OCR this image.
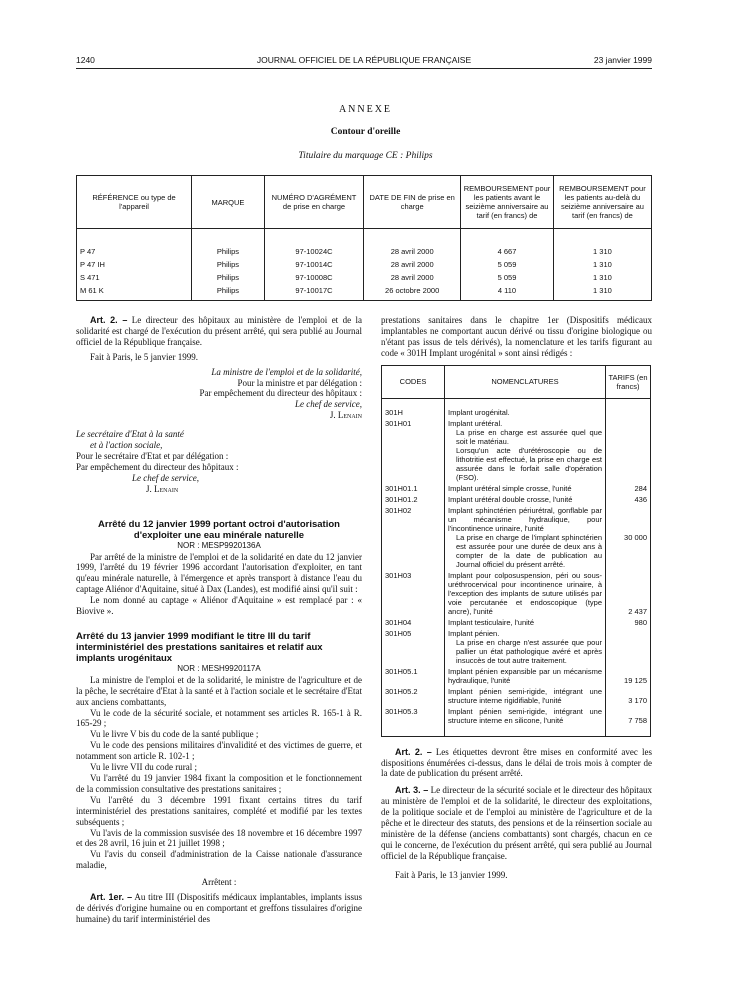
1240	JOURNAL OFFICIEL DE LA RÉPUBLIQUE FRANÇAISE	23 janvier 1999
ANNEXE
Contour d'oreille
Titulaire du marquage CE : Philips
RÉFÉRENCE ou type de l'appareil	MARQUE	NUMÉRO D'AGRÉMENT de prise en charge	DATE DE FIN de prise en charge	REMBOURSEMENT pour les patients avant le seizième anniversaire au tarif (en francs) de	REMBOURSEMENT pour les patients au-delà du seizième anniversaire au tarif (en francs) de

P 47	Philips	97-10024C	28 avril 2000	4 667	1 310
P 47 IH	Philips	97-10014C	28 avril 2000	5 059	1 310
S 471	Philips	97-10008C	28 avril 2000	5 059	1 310
M 61 K	Philips	97-10017C	26 octobre 2000	4 110	1 310

Art. 2. – Le directeur des hôpitaux au ministère de l'emploi et de la solidarité est chargé de l'exécution du présent arrêté, qui sera publié au Journal officiel de la République française.

Fait à Paris, le 5 janvier 1999.

La ministre de l'emploi et de la solidarité,

Pour la ministre et par délégation :

Par empêchement du directeur des hôpitaux :

Le chef de service,

J. Lenain

Le secrétaire d'Etat à la santé

et à l'action sociale,

Pour le secrétaire d'Etat et par délégation :

Par empêchement du directeur des hôpitaux :

Le chef de service,

J. Lenain

Arrêté du 12 janvier 1999 portant octroi d'autorisation d'exploiter une eau minérale naturelle

NOR : MESP9920136A

Par arrêté de la ministre de l'emploi et de la solidarité en date du 12 janvier 1999, l'arrêté du 19 février 1996 accordant l'autorisation d'exploiter, en tant qu'eau minérale naturelle, à l'émergence et après transport à distance l'eau du captage Aliénor d'Aquitaine, situé à Dax (Landes), est modifié ainsi qu'il suit :

Le nom donné au captage « Aliénor d'Aquitaine » est remplacé par : « Biovive ».

Arrêté du 13 janvier 1999 modifiant le titre III du tarif interministériel des prestations sanitaires et relatif aux implants urogénitaux

NOR : MESH9920117A

La ministre de l'emploi et de la solidarité, le ministre de l'agriculture et de la pêche, le secrétaire d'Etat à la santé et à l'action sociale et le secrétaire d'Etat aux anciens combattants,

Vu le code de la sécurité sociale, et notamment ses articles R. 165-1 à R. 165-29 ;

Vu le livre V bis du code de la santé publique ;

Vu le code des pensions militaires d'invalidité et des victimes de guerre, et notamment son article R. 102-1 ;

Vu le livre VII du code rural ;

Vu l'arrêté du 19 janvier 1984 fixant la composition et le fonctionnement de la commission consultative des prestations sanitaires ;

Vu l'arrêté du 3 décembre 1991 fixant certains titres du tarif interministériel des prestations sanitaires, complété et modifié par les textes subséquents ;

Vu l'avis de la commission susvisée des 18 novembre et 16 décembre 1997 et des 28 avril, 16 juin et 21 juillet 1998 ;

Vu l'avis du conseil d'administration de la Caisse nationale d'assurance maladie,

Arrêtent :

Art. 1er. – Au titre III (Dispositifs médicaux implantables, implants issus de dérivés d'origine humaine ou en comportant et greffons tissulaires d'origine humaine) du tarif interministériel des

prestations sanitaires dans le chapitre 1er (Dispositifs médicaux implantables ne comportant aucun dérivé ou tissu d'origine biologique ou n'étant pas issus de tels dérivés), la nomenclature et les tarifs figurant au code « 301H Implant urogénital » sont ainsi rédigés :

CODES	NOMENCLATURES	TARIFS (en francs)

301H	Implant urogénital.	

301H01	Implant urétéral.
La prise en charge est assurée quel que soit le matériau.
Lorsqu'un acte d'urétéroscopie ou de lithotritie est effectué, la prise en charge est assurée dans le forfait salle d'opération (FSO).	

301H01.1	Implant urétéral simple crosse, l'unité	284
301H01.2	Implant urétéral double crosse, l'unité	436
301H02	Implant sphinctérien périurétral, gonflable par un mécanisme hydraulique, pour l'incontinence urinaire, l'unité
La prise en charge de l'implant sphinctérien est assurée pour une durée de deux ans à compter de la date de publication au Journal officiel du présent arrêté.	30 000
301H03	Implant pour colposuspension, péri ou sous-uréthrocervical pour incontinence urinaire, à l'exception des implants de suture utilisés par voie percutanée et endoscopique (type ancre), l'unité	2 437
301H04	Implant testiculaire, l'unité	980
301H05	Implant pénien.
La prise en charge n'est assurée que pour pallier un état pathologique avéré et après insuccès de tout autre traitement.	

301H05.1	Implant pénien expansible par un mécanisme hydraulique, l'unité	19 125
301H05.2	Implant pénien semi-rigide, intégrant une structure interne rigidifiable, l'unité	3 170
301H05.3	Implant pénien semi-rigide, intégrant une structure interne en silicone, l'unité	7 758

Art. 2. – Les étiquettes devront être mises en conformité avec les dispositions énumérées ci-dessus, dans le délai de trois mois à compter de la date de publication du présent arrêté.

Art. 3. – Le directeur de la sécurité sociale et le directeur des hôpitaux au ministère de l'emploi et de la solidarité, le directeur des exploitations, de la politique sociale et de l'emploi au ministère de l'agriculture et de la pêche et le directeur des statuts, des pensions et de la réinsertion sociale au ministère de la défense (anciens combattants) sont chargés, chacun en ce qui le concerne, de l'exécution du présent arrêté, qui sera publié au Journal officiel de la République française.

Fait à Paris, le 13 janvier 1999.
